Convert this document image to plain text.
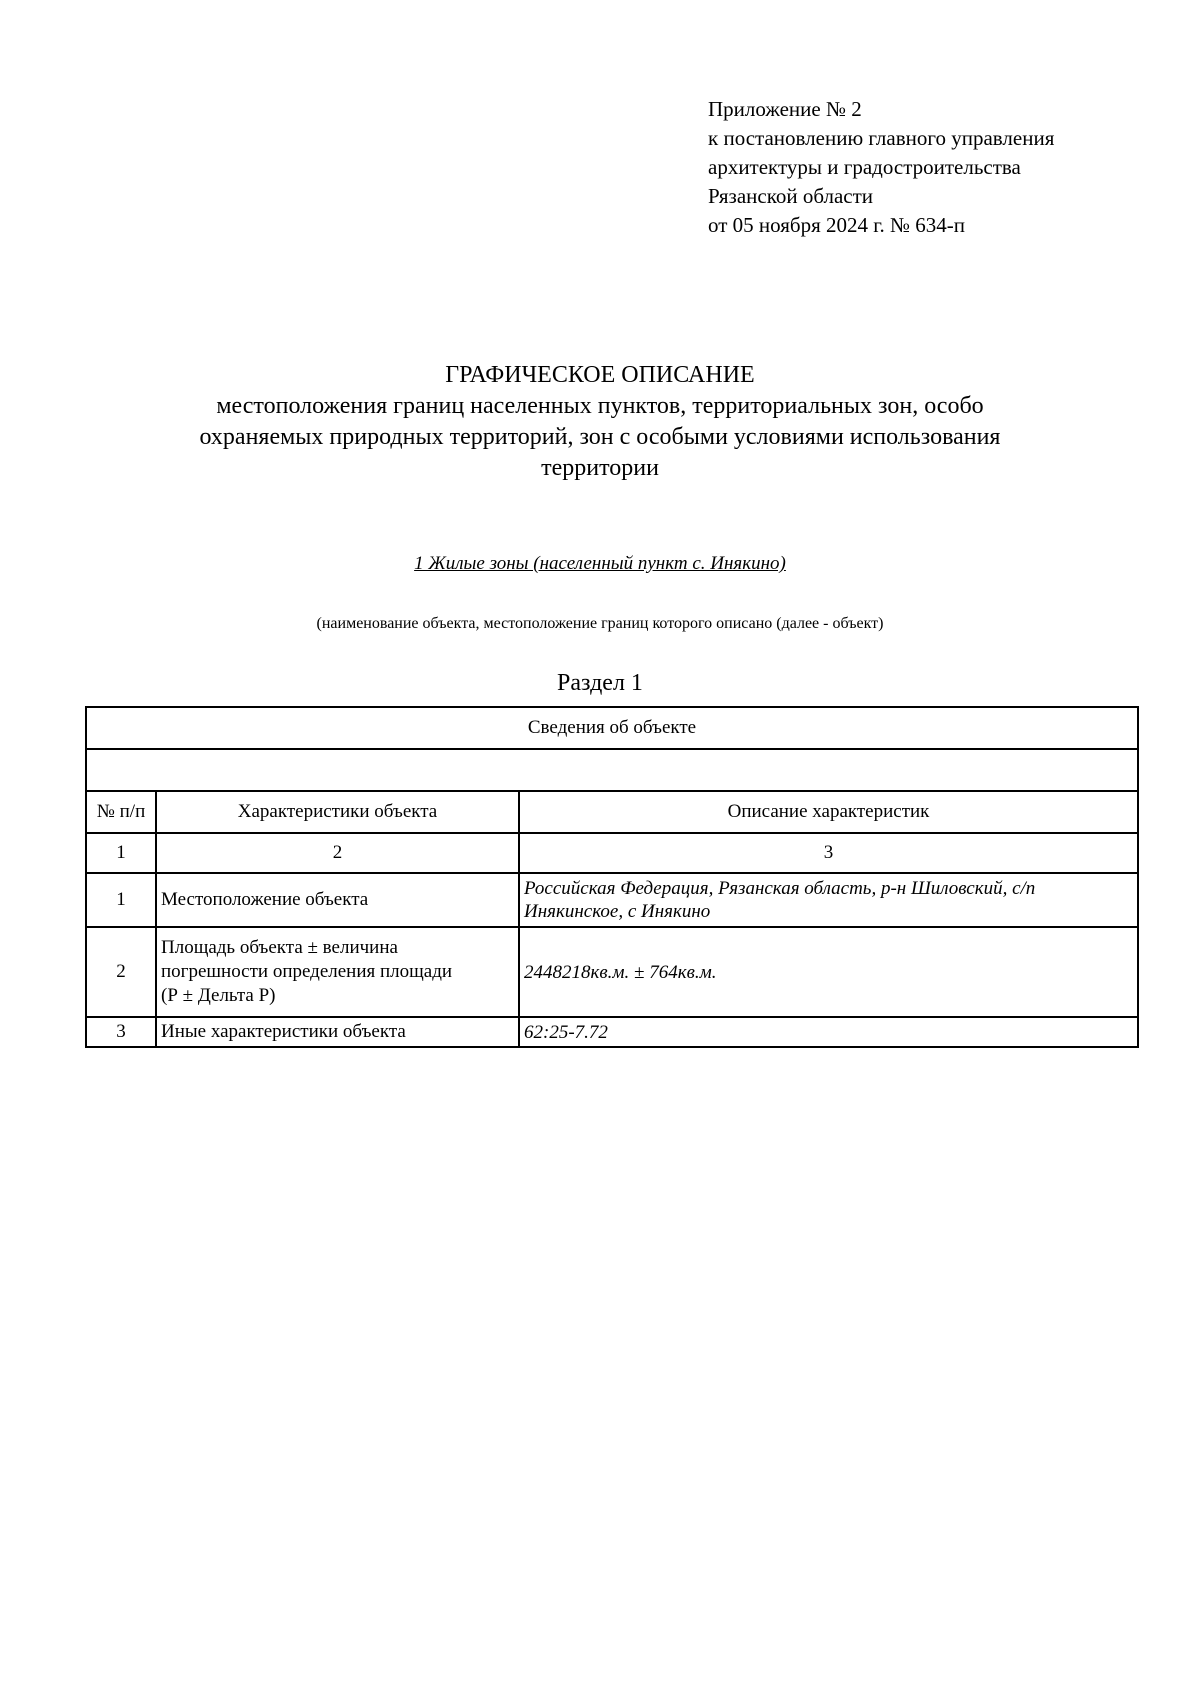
Приложение № 2
к постановлению главного управления
архитектуры и градостроительства
Рязанской области
от 05 ноября 2024 г. № 634-п
ГРАФИЧЕСКОЕ ОПИСАНИЕ
местоположения границ населенных пунктов, территориальных зон, особо
охраняемых природных территорий, зон с особыми условиями использования
территории
1 Жилые зоны (населенный пункт с. Инякино)
(наименование объекта, местоположение границ которого описано (далее - объект)
Раздел 1
Сведения об объекте		

№ п/п	Характеристики объекта	Описание характеристик
1	2	3
1	Местоположение объекта	Российская Федерация, Рязанская область, р-н Шиловский, с/п
Инякинское, с Инякино

2	Площадь объекта ± величина
погрешности определения площади
(Р ± Дельта Р)	2448218кв.м. ± 764кв.м.
3	Иные характеристики объекта	62:25-7.72
